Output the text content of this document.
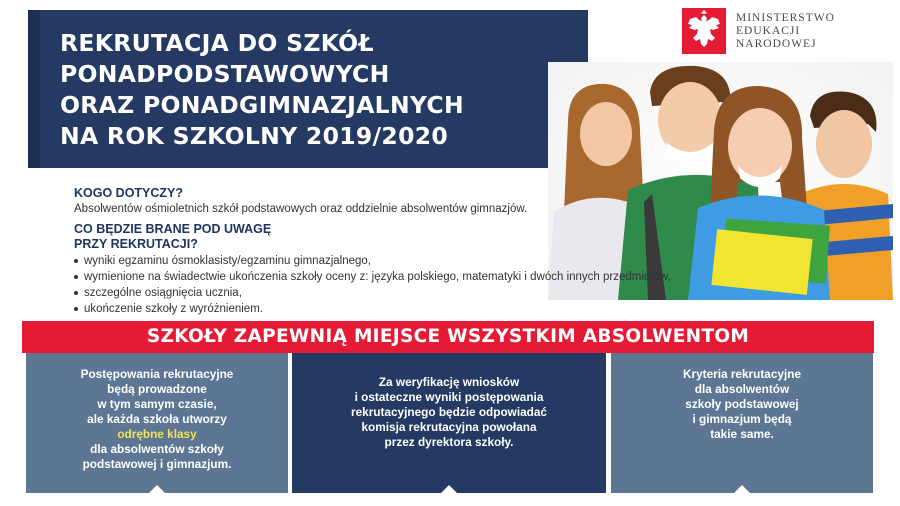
REKRUTACJA DO SZKÓŁ
PONADPODSTAWOWYCH
ORAZ PONADGIMNAZJALNYCH
NA ROK SZKOLNY 2019/2020
MINISTERSTWO
EDUKACJI
NARODOWEJ

KOGO DOTYCZY?

Absolwentów ośmioletnich szkół podstawowych oraz oddzielnie absolwentów gimnazjów.

CO BĘDZIE BRANE POD UWAGĘ
PRZY REKRUTACJI?

wyniki egzaminu ósmoklasisty/egzaminu gimnazjalnego,
wymienione na świadectwie ukończenia szkoły oceny z: języka polskiego, matematyki i dwóch innych przedmiotów,
szczególne osiągnięcia ucznia,
ukończenie szkoły z wyróżnieniem.
SZKOŁY ZAPEWNIĄ MIEJSCE WSZYSTKIM ABSOLWENTOM

Postępowania rekrutacyjne
będą prowadzone
w tym samym czasie,
ale każda szkoła utworzy
odrębne klasy
dla absolwentów szkoły
podstawowej i gimnazjum.

Za weryfikację wniosków
i ostateczne wyniki postępowania
rekrutacyjnego będzie odpowiadać
komisja rekrutacyjna powołana
przez dyrektora szkoły.

Kryteria rekrutacyjne
dla absolwentów
szkoły podstawowej
i gimnazjum będą
takie same.
